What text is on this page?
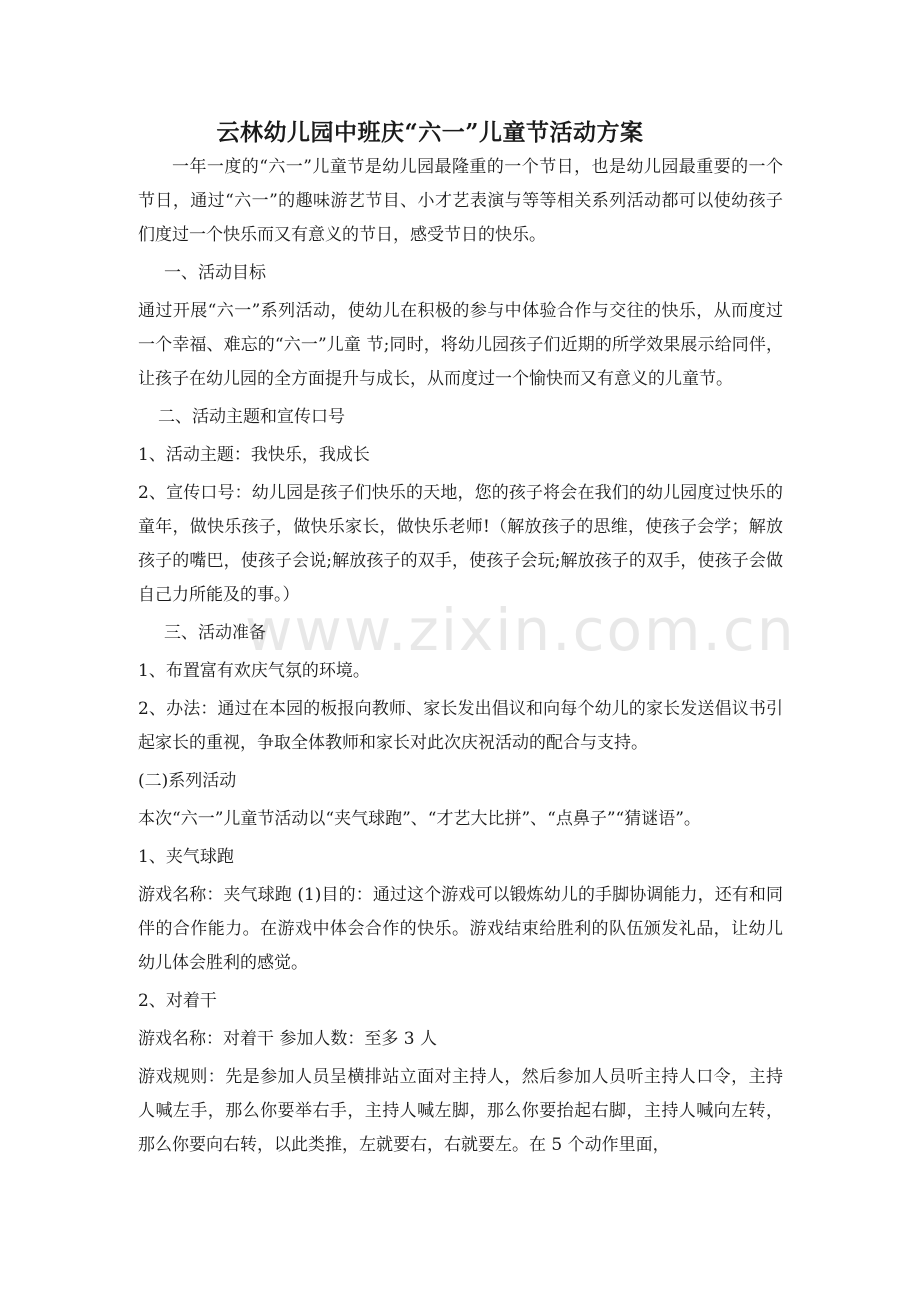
云林幼儿园中班庆“六一”儿童节活动方案

一年一度的“六一”儿童节是幼儿园最隆重的一个节日，也是幼儿园最重要的一个节日，通过“六一”的趣味游艺节目、小才艺表演与等等相关系列活动都可以使幼孩子们度过一个快乐而又有意义的节日，感受节日的快乐。

一、活动目标

通过开展“六一”系列活动，使幼儿在积极的参与中体验合作与交往的快乐，从而度过一个幸福、难忘的“六一”儿童 节;同时，将幼儿园孩子们近期的所学效果展示给同伴，让孩子在幼儿园的全方面提升与成长，从而度过一个愉快而又有意义的儿童节。

二、活动主题和宣传口号

1、活动主题：我快乐，我成长

2、宣传口号：幼儿园是孩子们快乐的天地，您的孩子将会在我们的幼儿园度过快乐的童年，做快乐孩子，做快乐家长，做快乐老师!（解放孩子的思维，使孩子会学；解放孩子的嘴巴，使孩子会说;解放孩子的双手，使孩子会玩;解放孩子的双手，使孩子会做自己力所能及的事。）

三、活动准备

1、布置富有欢庆气氛的环境。

2、办法：通过在本园的板报向教师、家长发出倡议和向每个幼儿的家长发送倡议书引起家长的重视，争取全体教师和家长对此次庆祝活动的配合与支持。

(二)系列活动

本次“六一”儿童节活动以“夹气球跑”、“才艺大比拼”、“点鼻子”“猜谜语”。

1、夹气球跑

游戏名称：夹气球跑 (1)目的：通过这个游戏可以锻炼幼儿的手脚协调能力，还有和同伴的合作能力。在游戏中体会合作的快乐。游戏结束给胜利的队伍颁发礼品，让幼儿幼儿体会胜利的感觉。

2、对着干

游戏名称：对着干 参加人数：至多 3 人

游戏规则：先是参加人员呈横排站立面对主持人，然后参加人员听主持人口令，主持人喊左手，那么你要举右手，主持人喊左脚，那么你要抬起右脚，主持人喊向左转，那么你要向右转，以此类推，左就要右，右就要左。在 5 个动作里面，

www.zixin.com.cn
